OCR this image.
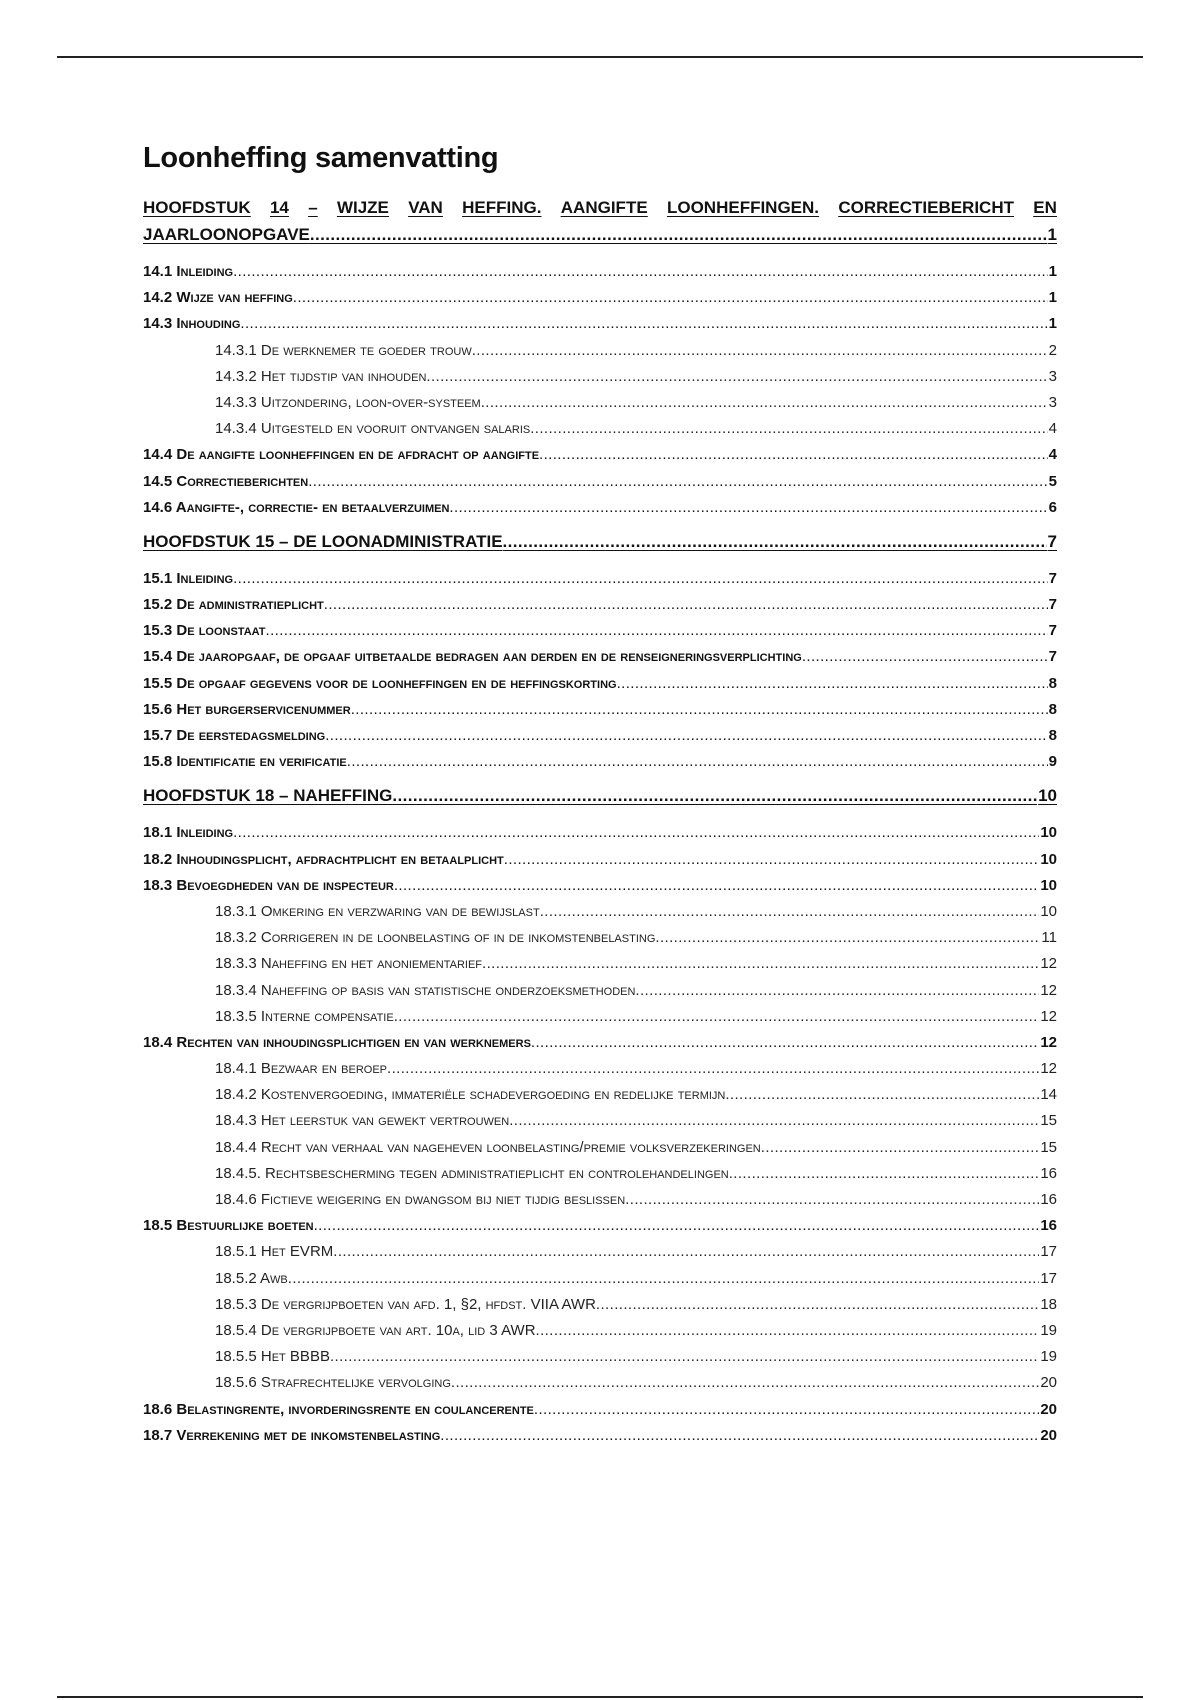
Loonheffing samenvatting
HOOFDSTUK 14 – WIJZE VAN HEFFING. AANGIFTE LOONHEFFINGEN. CORRECTIEBERICHT EN
JAARLOONOPGAVE .....	1
14.1 Inleiding .....	1
14.2 Wijze van heffing .....	1
14.3 Inhouding .....	1
14.3.1 De werknemer te goeder trouw .....	2
14.3.2 Het tijdstip van inhouden .....	3
14.3.3 Uitzondering, loon-over-systeem .....	3
14.3.4 Uitgesteld en vooruit ontvangen salaris .....	4
14.4 De aangifte loonheffingen en de afdracht op aangifte .....	4
14.5 Correctieberichten .....	5
14.6 Aangifte-, correctie- en betaalverzuimen .....	6
HOOFDSTUK 15 – DE LOONADMINISTRATIE .....	7
15.1 Inleiding .....	7
15.2 De administratieplicht .....	7
15.3 De loonstaat .....	7
15.4 De jaaropgaaf, de opgaaf uitbetaalde bedragen aan derden en de renseigneringsverplichting .....	7
15.5 De opgaaf gegevens voor de loonheffingen en de heffingskorting .....	8
15.6 Het burgerservicenummer .....	8
15.7 De eerstedagsmelding .....	8
15.8 Identificatie en verificatie .....	9
HOOFDSTUK 18 – NAHEFFING .....	10
18.1 Inleiding .....	10
18.2 Inhoudingsplicht, afdrachtplicht en betaalplicht .....	10
18.3 Bevoegdheden van de inspecteur .....	10
18.3.1 Omkering en verzwaring van de bewijslast .....	10
18.3.2 Corrigeren in de loonbelasting of in de inkomstenbelasting .....	11
18.3.3 Naheffing en het anoniementarief .....	12
18.3.4 Naheffing op basis van statistische onderzoeksmethoden .....	12
18.3.5 Interne compensatie .....	12
18.4 Rechten van inhoudingsplichtigen en van werknemers .....	12
18.4.1 Bezwaar en beroep .....	12
18.4.2 Kostenvergoeding, immateriële schadevergoeding en redelijke termijn .....	14
18.4.3 Het leerstuk van gewekt vertrouwen .....	15
18.4.4 Recht van verhaal van nageheven loonbelasting/premie volksverzekeringen .....	15
18.4.5. Rechtsbescherming tegen administratieplicht en controlehandelingen .....	16
18.4.6 Fictieve weigering en dwangsom bij niet tijdig beslissen .....	16
18.5 Bestuurlijke boeten .....	16
18.5.1 Het EVRM .....	17
18.5.2 Awb .....	17
18.5.3 De vergrijpboeten van afd. 1, §2, hfdst. VIIA AWR .....	18
18.5.4 De vergrijpboete van art. 10a, lid 3 AWR .....	19
18.5.5 Het BBBB .....	19
18.5.6 Strafrechtelijke vervolging .....	20
18.6 Belastingrente, invorderingsrente en coulancerente .....	20
18.7 Verrekening met de inkomstenbelasting .....	20
